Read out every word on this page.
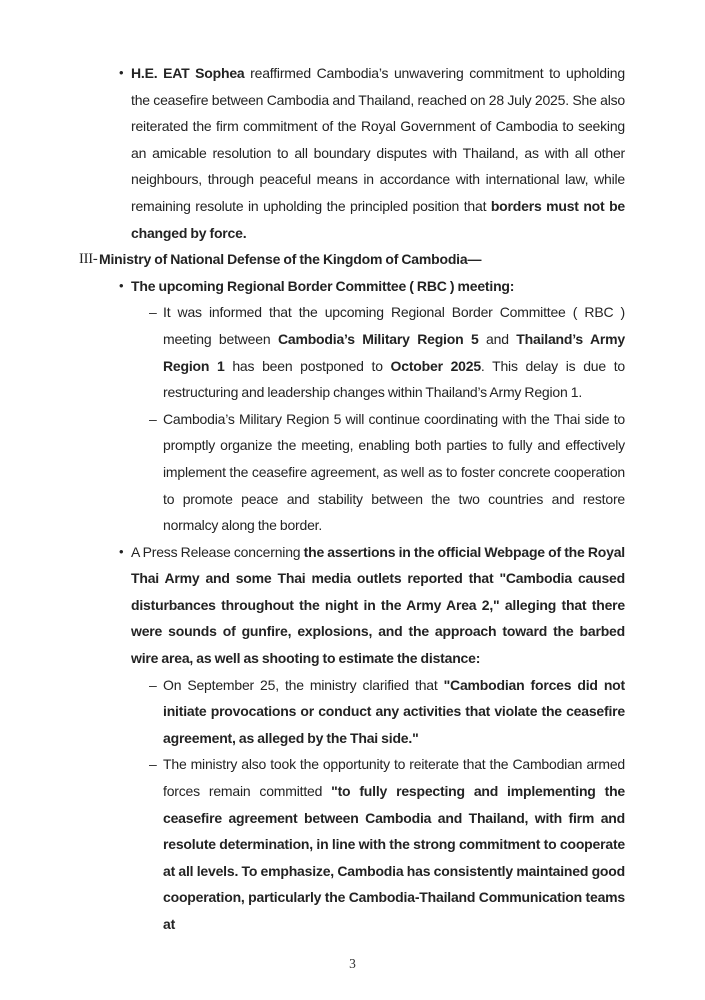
• H.E. EAT Sophea reaffirmed Cambodia’s unwavering commitment to upholding the ceasefire between Cambodia and Thailand, reached on 28 July 2025. She also reiterated the firm commitment of the Royal Government of Cambodia to seeking an amicable resolution to all boundary disputes with Thailand, as with all other neighbours, through peaceful means in accordance with international law, while remaining resolute in upholding the principled position that borders must not be changed by force.
III- Ministry of National Defense of the Kingdom of Cambodia—
• The upcoming Regional Border Committee ( RBC ) meeting:
– It was informed that the upcoming Regional Border Committee ( RBC ) meeting between Cambodia’s Military Region 5 and Thailand’s Army Region 1 has been postponed to October 2025. This delay is due to restructuring and leadership changes within Thailand’s Army Region 1.
– Cambodia’s Military Region 5 will continue coordinating with the Thai side to promptly organize the meeting, enabling both parties to fully and effectively implement the ceasefire agreement, as well as to foster concrete cooperation to promote peace and stability between the two countries and restore normalcy along the border.
• A Press Release concerning the assertions in the official Webpage of the Royal Thai Army and some Thai media outlets reported that "Cambodia caused disturbances throughout the night in the Army Area 2," alleging that there were sounds of gunfire, explosions, and the approach toward the barbed wire area, as well as shooting to estimate the distance:
– On September 25, the ministry clarified that "Cambodian forces did not initiate provocations or conduct any activities that violate the ceasefire agreement, as alleged by the Thai side."
– The ministry also took the opportunity to reiterate that the Cambodian armed forces remain committed "to fully respecting and implementing the ceasefire agreement between Cambodia and Thailand, with firm and resolute determination, in line with the strong commitment to cooperate at all levels. To emphasize, Cambodia has consistently maintained good cooperation, particularly the Cambodia-Thailand Communication teams at
3
